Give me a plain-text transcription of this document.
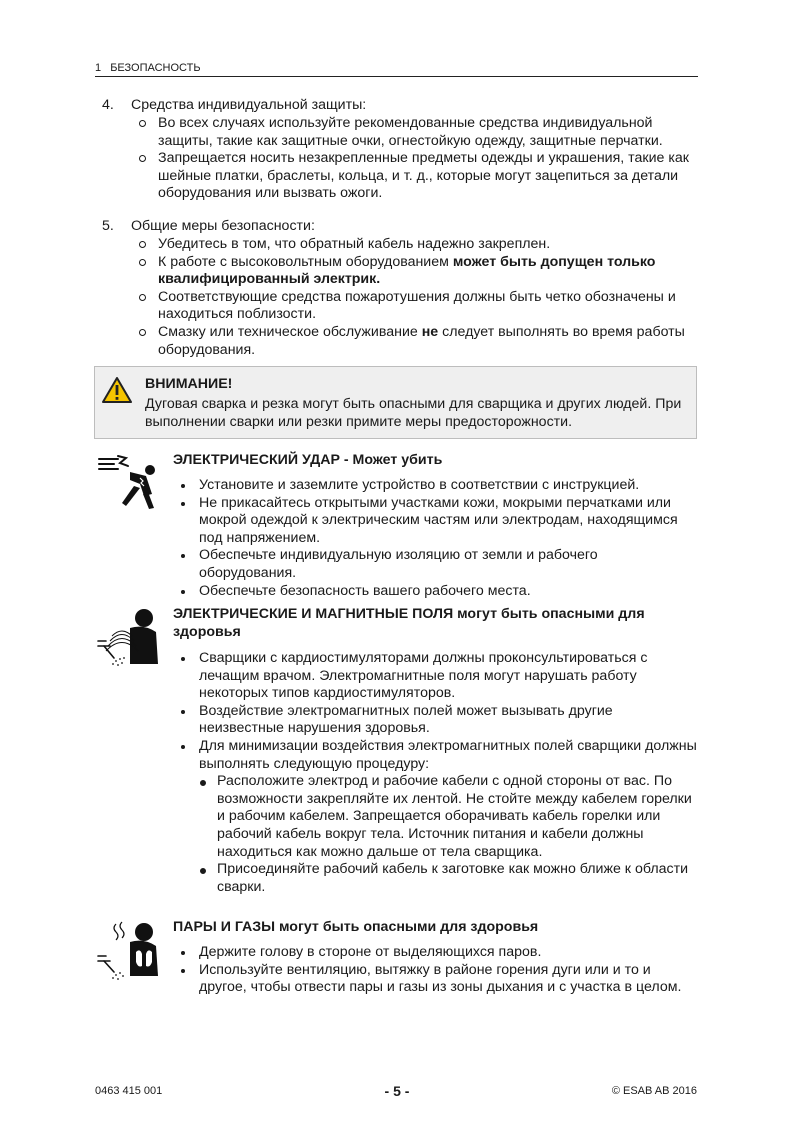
1 БЕЗОПАСНОСТЬ
4.	Средства индивидуальной защиты:
Во всех случаях используйте рекомендованные средства индивидуальной защиты, такие как защитные очки, огнестойкую одежду, защитные перчатки.
Запрещается носить незакрепленные предметы одежды и украшения, такие как шейные платки, браслеты, кольца, и т. д., которые могут зацепиться за детали оборудования или вызвать ожоги.
5.	Общие меры безопасности:
Убедитесь в том, что обратный кабель надежно закреплен.
К работе с высоковольтным оборудованием может быть допущен только квалифицированный электрик.
Соответствующие средства пожаротушения должны быть четко обозначены и находиться поблизости.
Смазку или техническое обслуживание не следует выполнять во время работы оборудования.
ВНИМАНИЕ!
Дуговая сварка и резка могут быть опасными для сварщика и других людей. При выполнении сварки или резки примите меры предосторожности.
ЭЛЕКТРИЧЕСКИЙ УДАР - Может убить
Установите и заземлите устройство в соответствии с инструкцией.
Не прикасайтесь открытыми участками кожи, мокрыми перчатками или мокрой одеждой к электрическим частям или электродам, находящимся под напряжением.
Обеспечьте индивидуальную изоляцию от земли и рабочего оборудования.
Обеспечьте безопасность вашего рабочего места.
ЭЛЕКТРИЧЕСКИЕ И МАГНИТНЫЕ ПОЛЯ могут быть опасными для здоровья
Сварщики с кардиостимуляторами должны проконсультироваться с лечащим врачом. Электромагнитные поля могут нарушать работу некоторых типов кардиостимуляторов.
Воздействие электромагнитных полей может вызывать другие неизвестные нарушения здоровья.
Для минимизации воздействия электромагнитных полей сварщики должны выполнять следующую процедуру:
Расположите электрод и рабочие кабели с одной стороны от вас. По возможности закрепляйте их лентой. Не стойте между кабелем горелки и рабочим кабелем. Запрещается оборачивать кабель горелки или рабочий кабель вокруг тела. Источник питания и кабели должны находиться как можно дальше от тела сварщика.
Присоединяйте рабочий кабель к заготовке как можно ближе к области сварки.
ПАРЫ И ГАЗЫ могут быть опасными для здоровья
Держите голову в стороне от выделяющихся паров.
Используйте вентиляцию, вытяжку в районе горения дуги или и то и другое, чтобы отвести пары и газы из зоны дыхания и с участка в целом.
0463 415 001	- 5 -	© ESAB AB 2016
